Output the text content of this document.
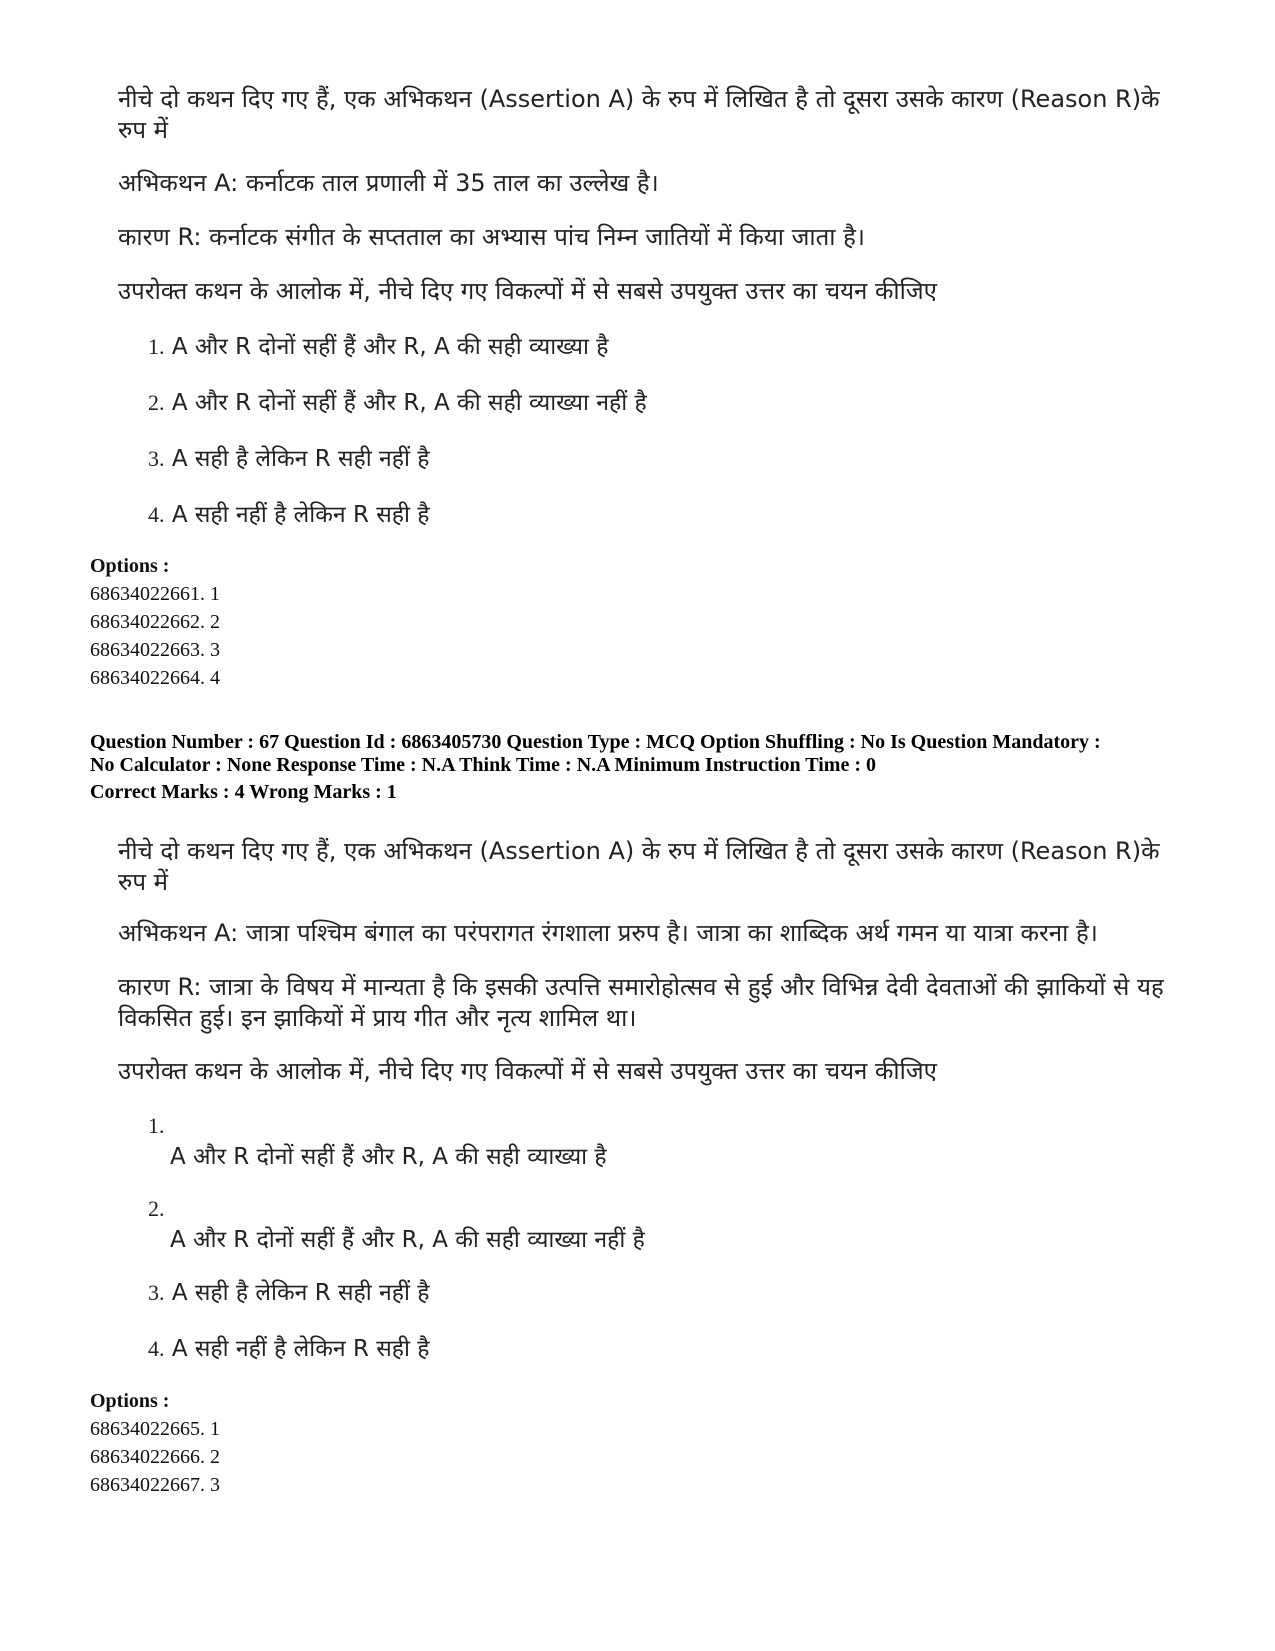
नीचे दो कथन दिए गए हैं, एक अभिकथन (Assertion A) के रुप में लिखित है तो दूसरा उसके कारण (Reason R)के रुप में
अभिकथन A: कर्नाटक ताल प्रणाली में 35 ताल का उल्लेख है।
कारण R: कर्नाटक संगीत के सप्तताल का अभ्यास पांच निम्न जातियों में किया जाता है।
उपरोक्त कथन के आलोक में, नीचे दिए गए विकल्पों में से सबसे उपयुक्त उत्तर का चयन कीजिए
1. A और R दोनों सहीं हैं और R, A की सही व्याख्या है
2. A और R दोनों सहीं हैं और R, A की सही व्याख्या नहीं है
3. A सही है लेकिन R सही नहीं है
4. A सही नहीं है लेकिन R सही है
Options :
68634022661. 1
68634022662. 2
68634022663. 3
68634022664. 4
Question Number : 67 Question Id : 6863405730 Question Type : MCQ Option Shuffling : No Is Question Mandatory :
No Calculator : None Response Time : N.A Think Time : N.A Minimum Instruction Time : 0
Correct Marks : 4 Wrong Marks : 1
नीचे दो कथन दिए गए हैं, एक अभिकथन (Assertion A) के रुप में लिखित है तो दूसरा उसके कारण (Reason R)के रुप में
अभिकथन A: जात्रा पश्चिम बंगाल का परंपरागत रंगशाला प्ररुप है। जात्रा का शाब्दिक अर्थ गमन या यात्रा करना है।
कारण R: जात्रा के विषय में मान्यता है कि इसकी उत्पत्ति समारोहोत्सव से हुई और विभिन्न देवी देवताओं की झाकियों से यह विकसित हुई। इन झाकियों में प्राय गीत और नृत्य शामिल था।
उपरोक्त कथन के आलोक में, नीचे दिए गए विकल्पों में से सबसे उपयुक्त उत्तर का चयन कीजिए
1.
A और R दोनों सहीं हैं और R, A की सही व्याख्या है
2.
A और R दोनों सहीं हैं और R, A की सही व्याख्या नहीं है
3. A सही है लेकिन R सही नहीं है
4. A सही नहीं है लेकिन R सही है
Options :
68634022665. 1
68634022666. 2
68634022667. 3
